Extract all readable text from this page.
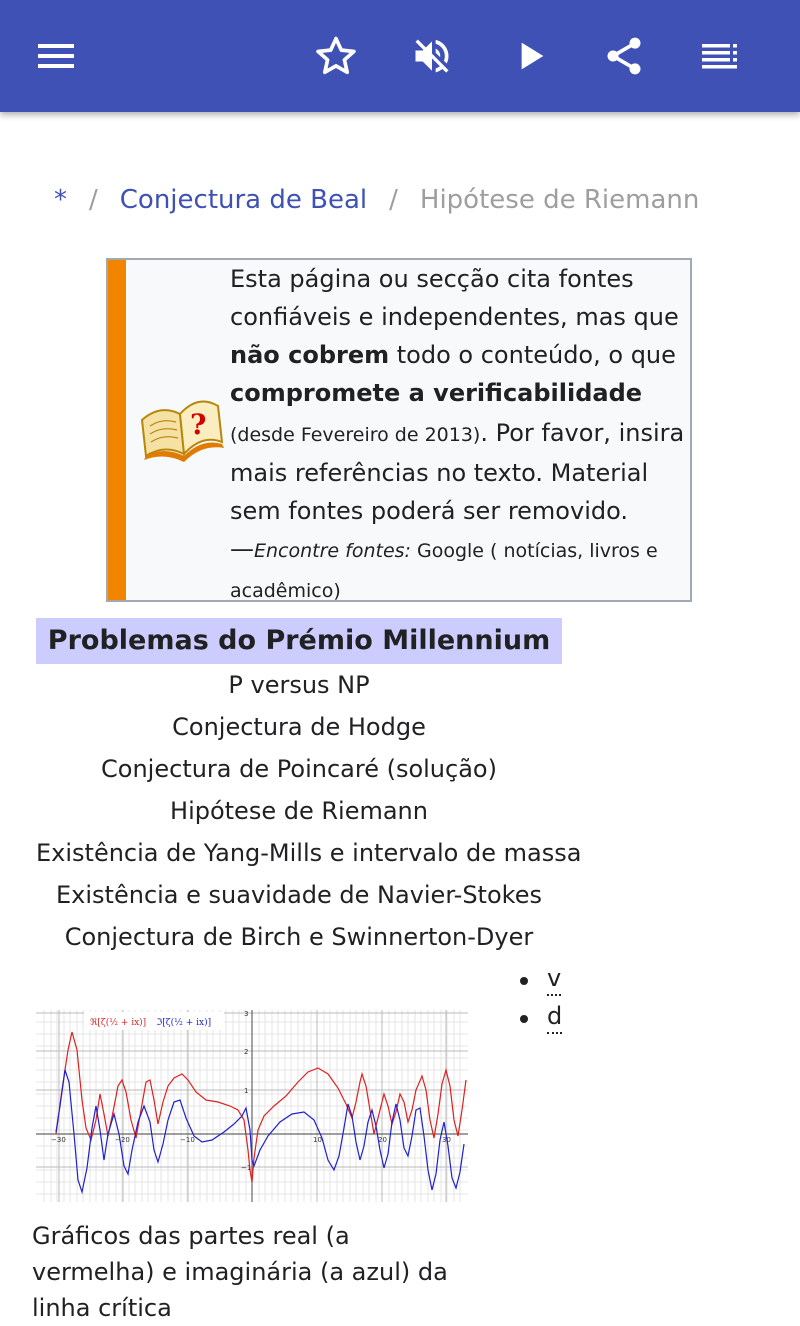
* / Conjectura de Beal / Hipótese de Riemann
?
Esta página ou secção cita fontes confiáveis e independentes, mas que não cobrem todo o conteúdo, o que compromete a verificabilidade (desde Fevereiro de 2013). Por favor, insira mais referências no texto. Material sem fontes poderá ser removido.
—Encontre fontes: Google ( notícias, livros e acadêmico)
Problemas do Prémio Millennium
P versus NP
Conjectura de Hodge
Conjectura de Poincaré (solução)
Hipótese de Riemann
Existência de Yang-Mills e intervalo de massa
Existência e suavidade de Navier-Stokes
Conjectura de Birch e Swinnerton-Dyer
v
d
−30	−20	−10	10	20	30
3
2
1
−1
ℜ[ζ(½ + ix)] ℑ[ζ(½ + ix)]
Gráficos das partes real (a vermelha) e imaginária (a azul) da linha crítica
